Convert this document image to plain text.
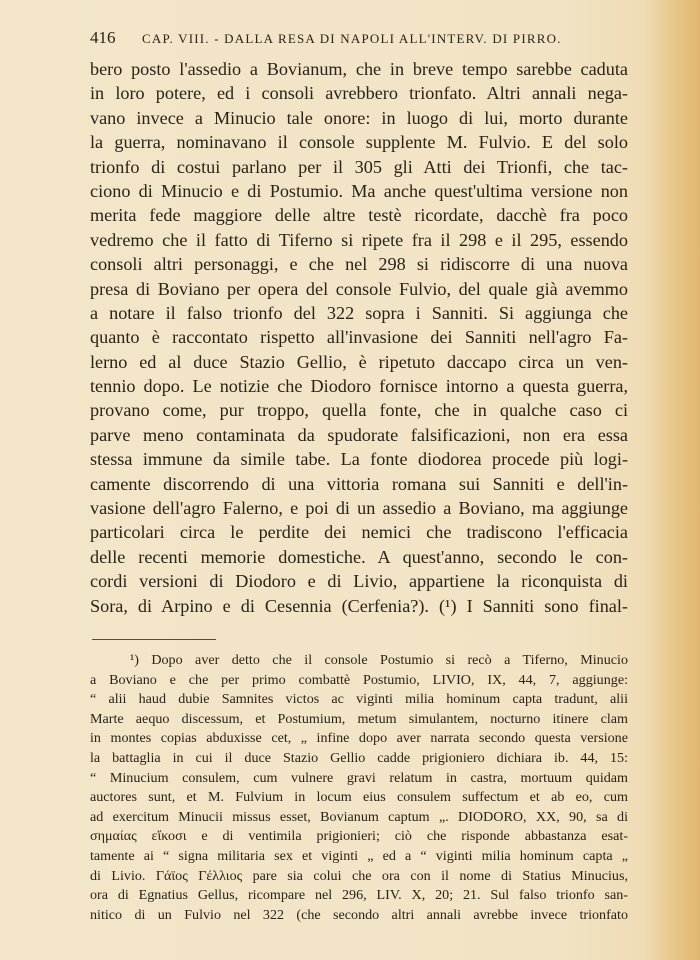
416	CAP. VIII. - DALLA RESA DI NAPOLI ALL'INTERV. DI PIRRO.
bero posto l'assedio a Bovianum, che in breve tempo sarebbe caduta
in loro potere, ed i consoli avrebbero trionfato. Altri annali nega-
vano invece a Minucio tale onore: in luogo di lui, morto durante
la guerra, nominavano il console supplente M. Fulvio. E del solo
trionfo di costui parlano per il 305 gli Atti dei Trionfi, che tac-
ciono di Minucio e di Postumio. Ma anche quest'ultima versione non
merita fede maggiore delle altre testè ricordate, dacchè fra poco
vedremo che il fatto di Tiferno si ripete fra il 298 e il 295, essendo
consoli altri personaggi, e che nel 298 si ridiscorre di una nuova
presa di Boviano per opera del console Fulvio, del quale già avemmo
a notare il falso trionfo del 322 sopra i Sanniti. Si aggiunga che
quanto è raccontato rispetto all'invasione dei Sanniti nell'agro Fa-
lerno ed al duce Stazio Gellio, è ripetuto daccapo circa un ven-
tennio dopo. Le notizie che Diodoro fornisce intorno a questa guerra,
provano come, pur troppo, quella fonte, che in qualche caso ci
parve meno contaminata da spudorate falsificazioni, non era essa
stessa immune da simile tabe. La fonte diodorea procede più logi-
camente discorrendo di una vittoria romana sui Sanniti e dell'in-
vasione dell'agro Falerno, e poi di un assedio a Boviano, ma aggiunge
particolari circa le perdite dei nemici che tradiscono l'efficacia
delle recenti memorie domestiche. A quest'anno, secondo le con-
cordi versioni di Diodoro e di Livio, appartiene la riconquista di
Sora, di Arpino e di Cesennia (Cerfenia?). (¹) I Sanniti sono final-
¹) Dopo aver detto che il console Postumio si recò a Tiferno, Minucio
a Boviano e che per primo combattè Postumio, LIVIO, IX, 44, 7, aggiunge:
“ alii haud dubie Samnites victos ac viginti milia hominum capta tradunt, alii
Marte aequo discessum, et Postumium, metum simulantem, nocturno itinere clam
in montes copias abduxisse cet, „ infine dopo aver narrata secondo questa versione
la battaglia in cui il duce Stazio Gellio cadde prigioniero dichiara ib. 44, 15:
“ Minucium consulem, cum vulnere gravi relatum in castra, mortuum quidam
auctores sunt, et M. Fulvium in locum eius consulem suffectum et ab eo, cum
ad exercitum Minucii missus esset, Bovianum captum „. DIODORO, XX, 90, sa di
σημαίας εἴκοσι e di ventimila prigionieri; ciò che risponde abbastanza esat-
tamente ai “ signa militaria sex et viginti „ ed a “ viginti milia hominum capta „
di Livio. Γάϊος Γέλλιος pare sia colui che ora con il nome di Statius Minucius,
ora di Egnatius Gellus, ricompare nel 296, LIV. X, 20; 21. Sul falso trionfo san-
nitico di un Fulvio nel 322 (che secondo altri annali avrebbe invece trionfato
